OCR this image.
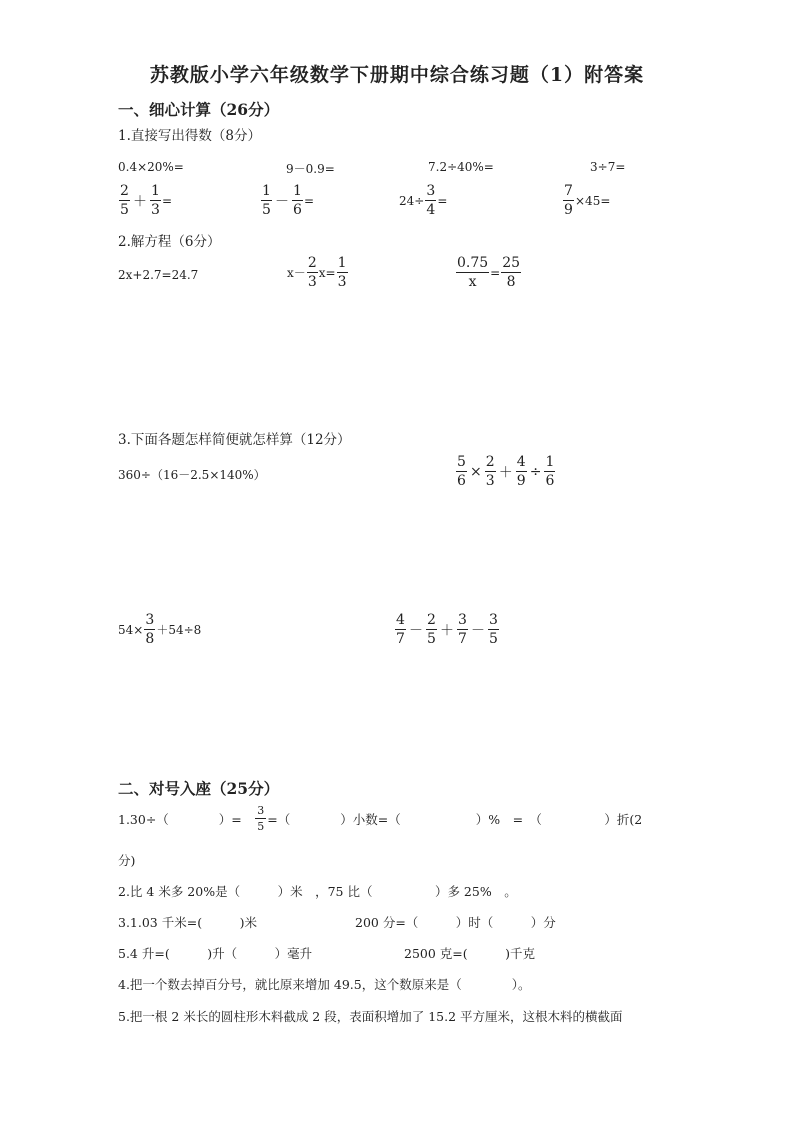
苏教版小学六年级数学下册期中综合练习题（1）附答案
一、细心计算（26分）
1.直接写出得数（8分）
0.4×20%=	9－0.9=	7.2÷40%=	3÷7=
$\frac{2}{5} + \frac{1}{3}$ =	$\frac{1}{5} - \frac{1}{6}$ =	$24\div \frac{3}{4}$ =	$\frac{7}{9} \times 45=$
2.解方程（6分）
2x+2.7=24.7	$x- \frac{2}{3} x= \frac{1}{3}$	$\frac{0.75}{x} = \frac{25}{8}$
3.下面各题怎样简便就怎样算（12分）
360÷（16－2.5×140%）	$\frac{5}{6} \times \frac{2}{3} + \frac{4}{9} \div \frac{1}{6}$
$54\times \frac{3}{8} +54\div 8$	$\frac{4}{7} - \frac{2}{5} + \frac{3}{7} - \frac{3}{5}$
二、对号入座（25分）
1.30÷（　　　　）=　 $\frac{3}{5}$ =（　　　　）小数=（　　　　　　）%　=　（　　　　　）折(2
分)
2.比 4 米多 20%是（　　　）米　，75 比（　　　　　）多 25%　。
3.1.03 千米=(　　　)米	200 分=（　　　）时（　　　）分
5.4 升=(　　　)升（　　　）毫升	2500 克=(　　　)千克
4.把一个数去掉百分号，就比原来增加 49.5，这个数原来是（　　　　）。
5.把一根 2 米长的圆柱形木料截成 2 段，表面积增加了 15.2 平方厘米，这根木料的横截面
